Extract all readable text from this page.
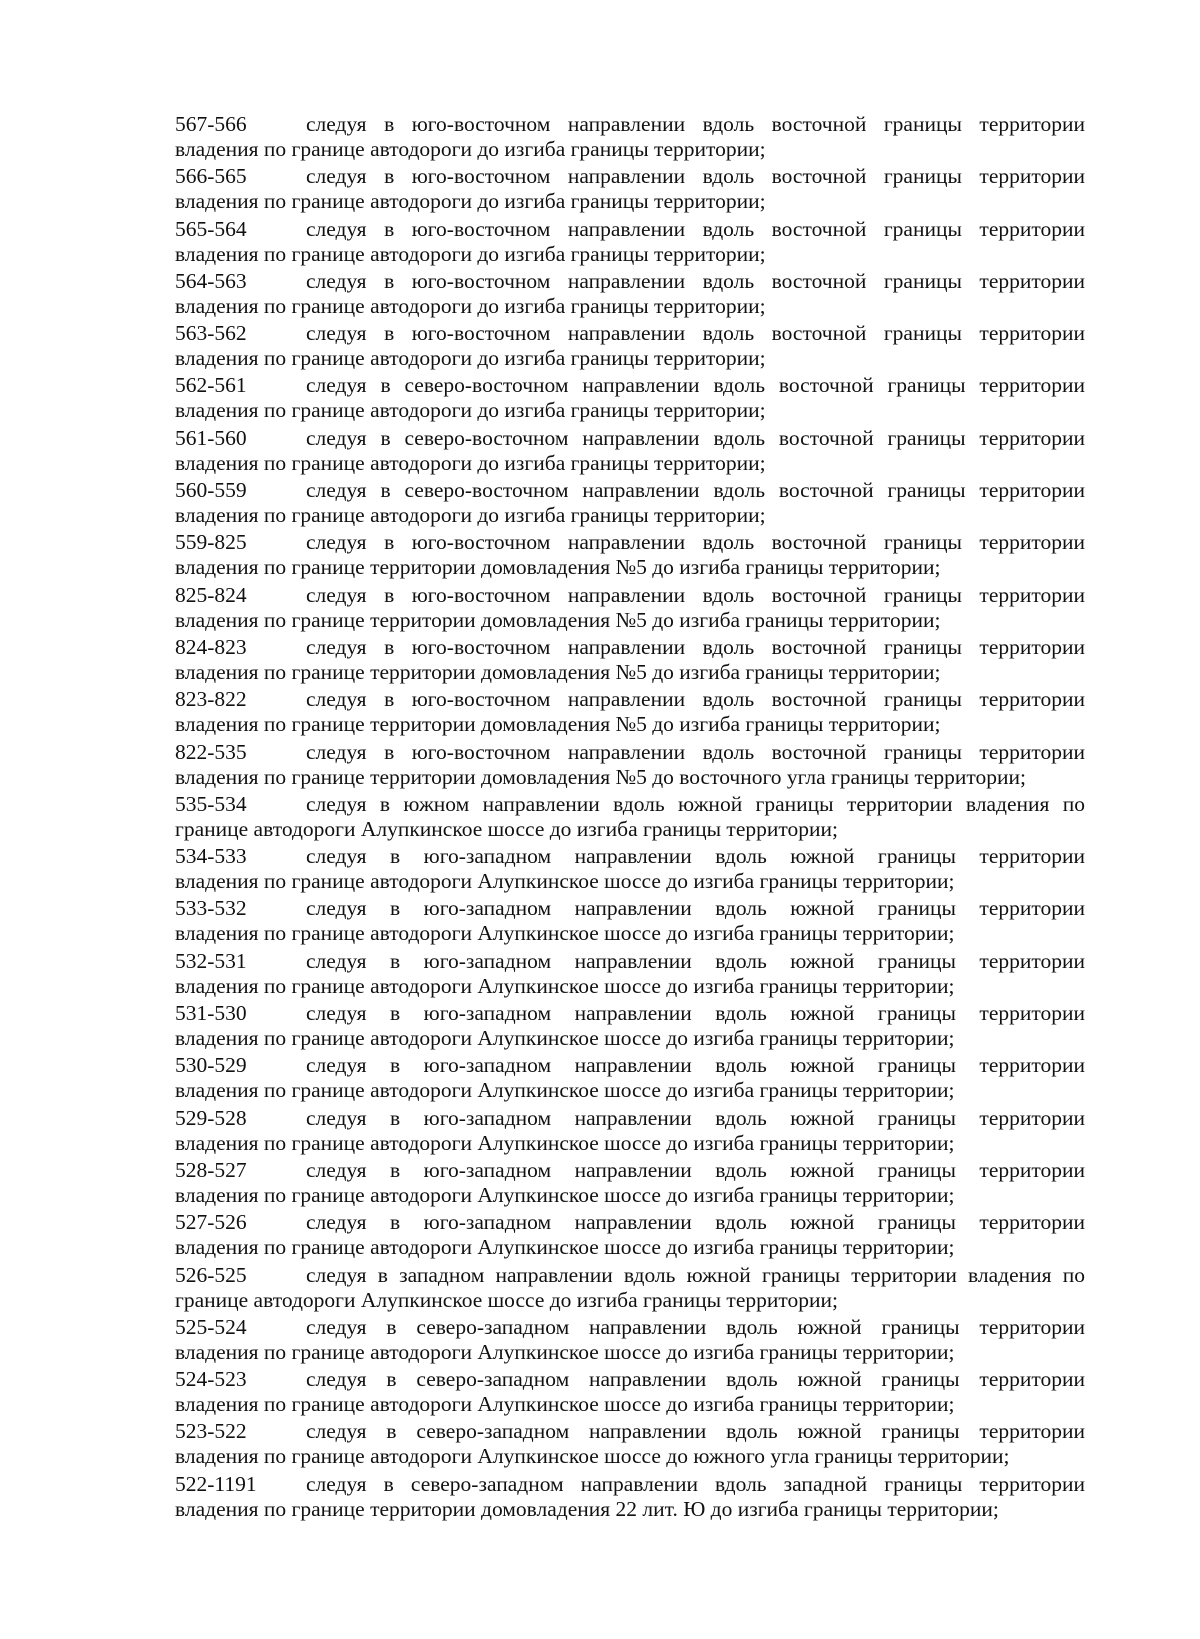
567-566	следуя в юго-восточном направлении вдоль восточной границы территории
владения по границе автодороги до изгиба границы территории;
566-565	следуя в юго-восточном направлении вдоль восточной границы территории
владения по границе автодороги до изгиба границы территории;
565-564	следуя в юго-восточном направлении вдоль восточной границы территории
владения по границе автодороги до изгиба границы территории;
564-563	следуя в юго-восточном направлении вдоль восточной границы территории
владения по границе автодороги до изгиба границы территории;
563-562	следуя в юго-восточном направлении вдоль восточной границы территории
владения по границе автодороги до изгиба границы территории;
562-561	следуя в северо-восточном направлении вдоль восточной границы территории
владения по границе автодороги до изгиба границы территории;
561-560	следуя в северо-восточном направлении вдоль восточной границы территории
владения по границе автодороги до изгиба границы территории;
560-559	следуя в северо-восточном направлении вдоль восточной границы территории
владения по границе автодороги до изгиба границы территории;
559-825	следуя в юго-восточном направлении вдоль восточной границы территории
владения по границе территории домовладения №5 до изгиба границы территории;
825-824	следуя в юго-восточном направлении вдоль восточной границы территории
владения по границе территории домовладения №5 до изгиба границы территории;
824-823	следуя в юго-восточном направлении вдоль восточной границы территории
владения по границе территории домовладения №5 до изгиба границы территории;
823-822	следуя в юго-восточном направлении вдоль восточной границы территории
владения по границе территории домовладения №5 до изгиба границы территории;
822-535	следуя в юго-восточном направлении вдоль восточной границы территории
владения по границе территории домовладения №5 до восточного угла границы территории;
535-534	следуя в южном направлении вдоль южной границы территории владения по
границе автодороги Алупкинское шоссе до изгиба границы территории;
534-533	следуя в юго-западном направлении вдоль южной границы территории
владения по границе автодороги Алупкинское шоссе до изгиба границы территории;
533-532	следуя в юго-западном направлении вдоль южной границы территории
владения по границе автодороги Алупкинское шоссе до изгиба границы территории;
532-531	следуя в юго-западном направлении вдоль южной границы территории
владения по границе автодороги Алупкинское шоссе до изгиба границы территории;
531-530	следуя в юго-западном направлении вдоль южной границы территории
владения по границе автодороги Алупкинское шоссе до изгиба границы территории;
530-529	следуя в юго-западном направлении вдоль южной границы территории
владения по границе автодороги Алупкинское шоссе до изгиба границы территории;
529-528	следуя в юго-западном направлении вдоль южной границы территории
владения по границе автодороги Алупкинское шоссе до изгиба границы территории;
528-527	следуя в юго-западном направлении вдоль южной границы территории
владения по границе автодороги Алупкинское шоссе до изгиба границы территории;
527-526	следуя в юго-западном направлении вдоль южной границы территории
владения по границе автодороги Алупкинское шоссе до изгиба границы территории;
526-525	следуя в западном направлении вдоль южной границы территории владения по
границе автодороги Алупкинское шоссе до изгиба границы территории;
525-524	следуя в северо-западном направлении вдоль южной границы территории
владения по границе автодороги Алупкинское шоссе до изгиба границы территории;
524-523	следуя в северо-западном направлении вдоль южной границы территории
владения по границе автодороги Алупкинское шоссе до изгиба границы территории;
523-522	следуя в северо-западном направлении вдоль южной границы территории
владения по границе автодороги Алупкинское шоссе до южного угла границы территории;
522-1191	следуя в северо-западном направлении вдоль западной границы территории
владения по границе территории домовладения 22 лит. Ю до изгиба границы территории;
